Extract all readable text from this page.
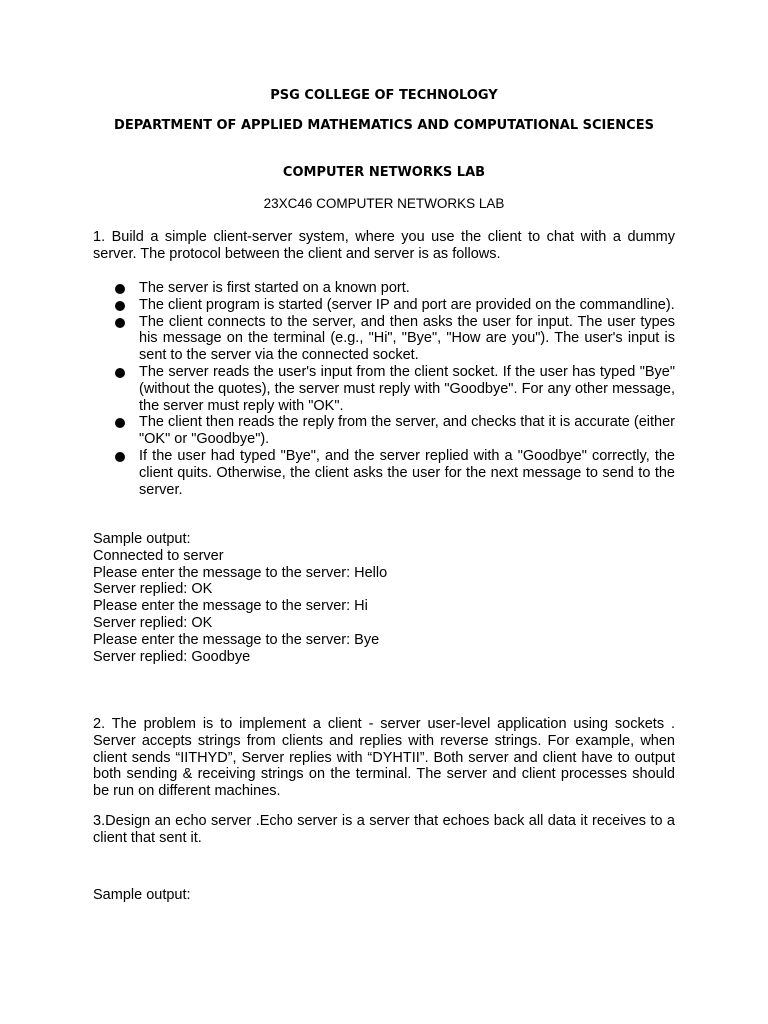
PSG COLLEGE OF TECHNOLOGY
DEPARTMENT OF APPLIED MATHEMATICS AND COMPUTATIONAL SCIENCES
COMPUTER NETWORKS LAB
23XC46 COMPUTER NETWORKS LAB
1. Build a simple client-server system, where you use the client to chat with a dummy server. The protocol between the client and server is as follows.
The server is first started on a known port.
The client program is started (server IP and port are provided on the commandline).
The client connects to the server, and then asks the user for input. The user types his message on the terminal (e.g., "Hi", "Bye", "How are you"). The user's input is sent to the server via the connected socket.
The server reads the user's input from the client socket. If the user has typed "Bye" (without the quotes), the server must reply with "Goodbye". For any other message, the server must reply with "OK".
The client then reads the reply from the server, and checks that it is accurate (either "OK" or "Goodbye").
If the user had typed "Bye", and the server replied with a "Goodbye" correctly, the client quits. Otherwise, the client asks the user for the next message to send to the server.
Sample output:
Connected to server
Please enter the message to the server: Hello
Server replied: OK
Please enter the message to the server: Hi
Server replied: OK
Please enter the message to the server: Bye
Server replied: Goodbye
2. The problem is to implement a client - server user-level application using sockets . Server accepts strings from clients and replies with reverse strings. For example, when client sends “IITHYD”, Server replies with “DYHTII”. Both server and client have to output both sending & receiving strings on the terminal. The server and client processes should be run on different machines.
3.Design an echo server .Echo server is a server that echoes back all data it receives to a client that sent it.
Sample output:
